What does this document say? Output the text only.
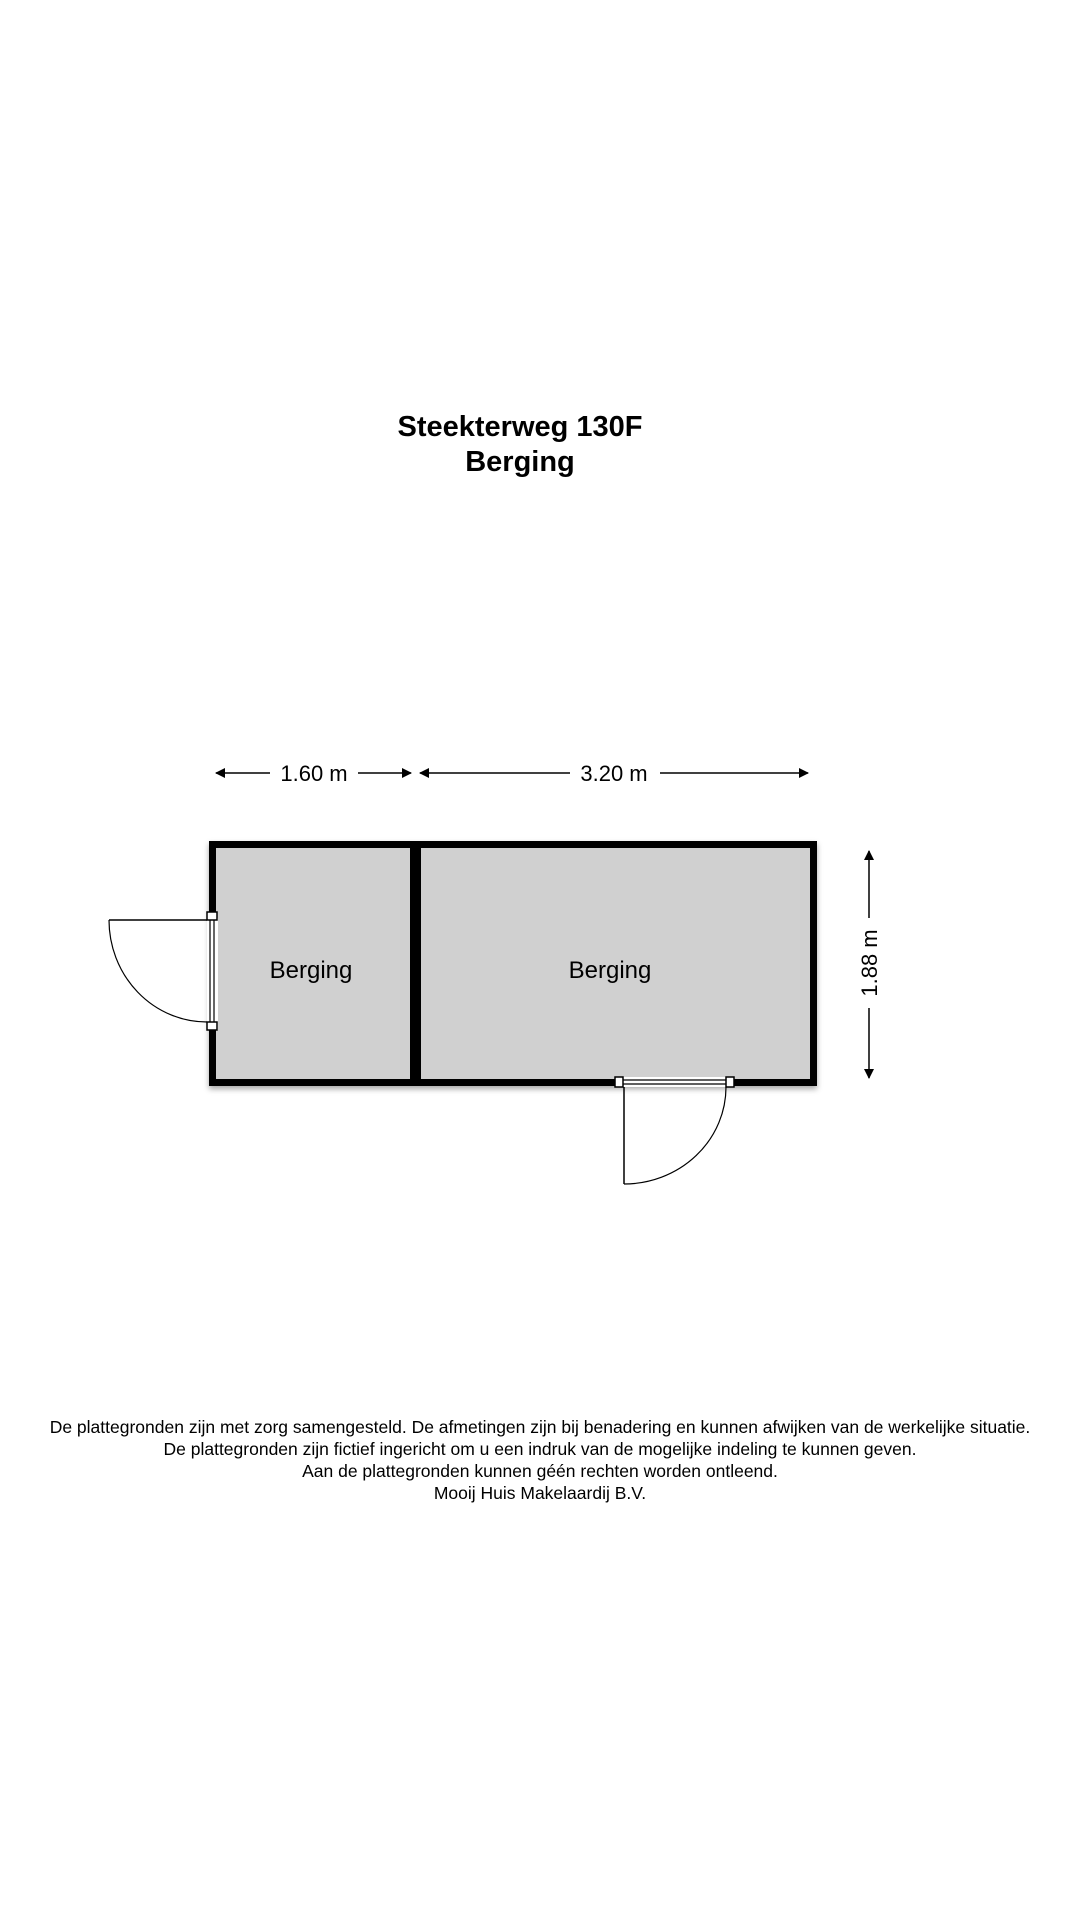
Steekterweg 130F
Berging
1.60 m	3.20 m
1.88 m
Berging	Berging
De plattegronden zijn met zorg samengesteld. De afmetingen zijn bij benadering en kunnen afwijken van de werkelijke situatie.
De plattegronden zijn fictief ingericht om u een indruk van de mogelijke indeling te kunnen geven.
Aan de plattegronden kunnen géén rechten worden ontleend.
Mooij Huis Makelaardij B.V.
